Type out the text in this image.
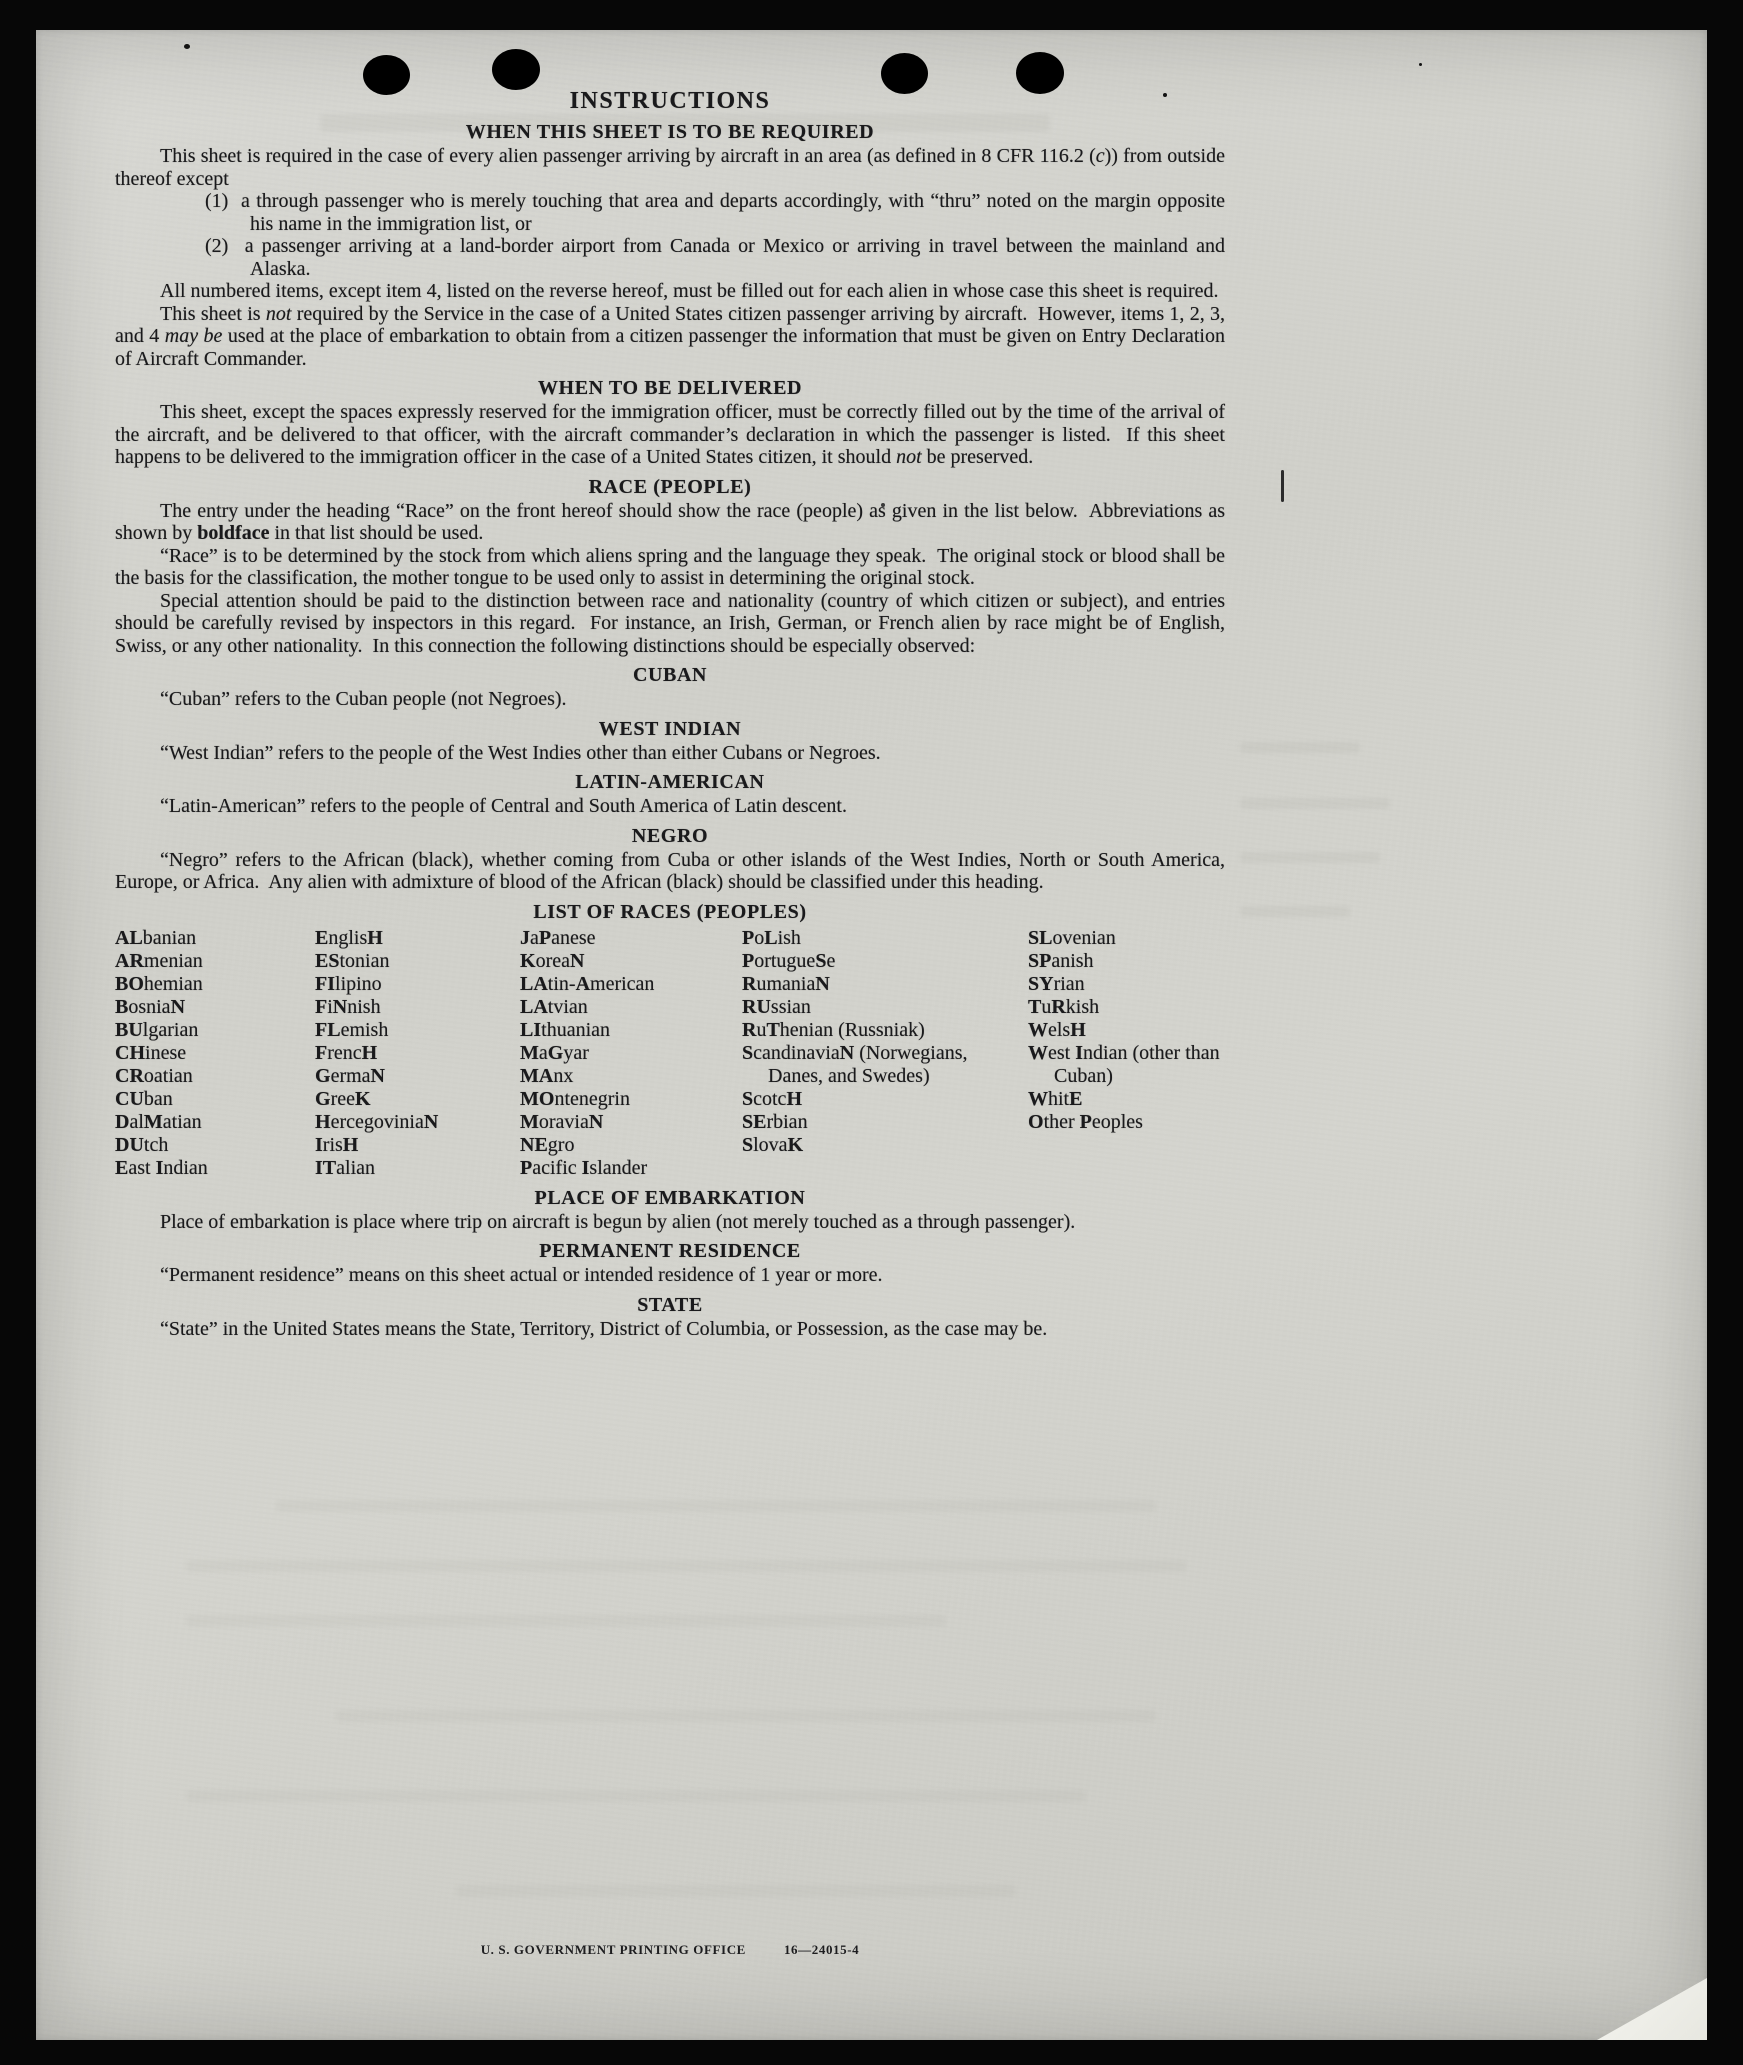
INSTRUCTIONS
WHEN THIS SHEET IS TO BE REQUIRED

This sheet is required in the case of every alien passenger arriving by aircraft in an area (as defined in 8 CFR 116.2 (c)) from outside thereof except

(1)  a through passenger who is merely touching that area and departs accordingly, with “thru” noted on the margin opposite his name in the immigration list, or

(2)  a passenger arriving at a land-border airport from Canada or Mexico or arriving in travel between the mainland and Alaska.

All numbered items, except item 4, listed on the reverse hereof, must be filled out for each alien in whose case this sheet is required.

This sheet is not required by the Service in the case of a United States citizen passenger arriving by aircraft.  However, items 1, 2, 3, and 4 may be used at the place of embarkation to obtain from a citizen passenger the information that must be given on Entry Declaration of Aircraft Commander.

WHEN TO BE DELIVERED

This sheet, except the spaces expressly reserved for the immigration officer, must be correctly filled out by the time of the arrival of the aircraft, and be delivered to that officer, with the aircraft commander’s declaration in which the passenger is listed.  If this sheet happens to be delivered to the immigration officer in the case of a United States citizen, it should not be preserved.

RACE (PEOPLE)

The entry under the heading “Race” on the front hereof should show the race (people) as given in the list below.  Abbreviations as shown by boldface in that list should be used.

“Race” is to be determined by the stock from which aliens spring and the language they speak.  The original stock or blood shall be the basis for the classification, the mother tongue to be used only to assist in determining the original stock.

Special attention should be paid to the distinction between race and nationality (country of which citizen or subject), and entries should be carefully revised by inspectors in this regard.  For instance, an Irish, German, or French alien by race might be of English, Swiss, or any other nationality.  In this connection the following distinctions should be especially observed:

CUBAN

“Cuban” refers to the Cuban people (not Negroes).

WEST INDIAN

“West Indian” refers to the people of the West Indies other than either Cubans or Negroes.

LATIN-AMERICAN

“Latin-American” refers to the people of Central and South America of Latin descent.

NEGRO

“Negro” refers to the African (black), whether coming from Cuba or other islands of the West Indies, North or South America, Europe, or Africa.  Any alien with admixture of blood of the African (black) should be classified under this heading.

LIST OF RACES (PEOPLES)
ALbanian
ARmenian
BOhemian
BosniaN
BUlgarian
CHinese
CRoatian
CUban
DalMatian
DUtch
East Indian
EnglisH
EStonian
FIlipino
FiNnish
FLemish
FrencH
GermaN
GreeK
HercegoviniaN
IrisH
ITalian
JaPanese
KoreaN
LAtin-American
LAtvian
LIthuanian
MaGyar
MAnx
MOntenegrin
MoraviaN
NEgro
Pacific Islander
PoLish
PortugueSe
RumaniaN
RUssian
RuThenian (Russniak)
ScandinaviaN (Norwegians, Danes, and Swedes)
ScotcH
SErbian
SlovaK
SLovenian
SPanish
SYrian
TuRkish
WelsH
West Indian (other than Cuban)
WhitE
Other Peoples
PLACE OF EMBARKATION

Place of embarkation is place where trip on aircraft is begun by alien (not merely touched as a through passenger).

PERMANENT RESIDENCE

“Permanent residence” means on this sheet actual or intended residence of 1 year or more.

STATE

“State” in the United States means the State, Territory, District of Columbia, or Possession, as the case may be.

U. S. GOVERNMENT PRINTING OFFICE	16—24015-4
